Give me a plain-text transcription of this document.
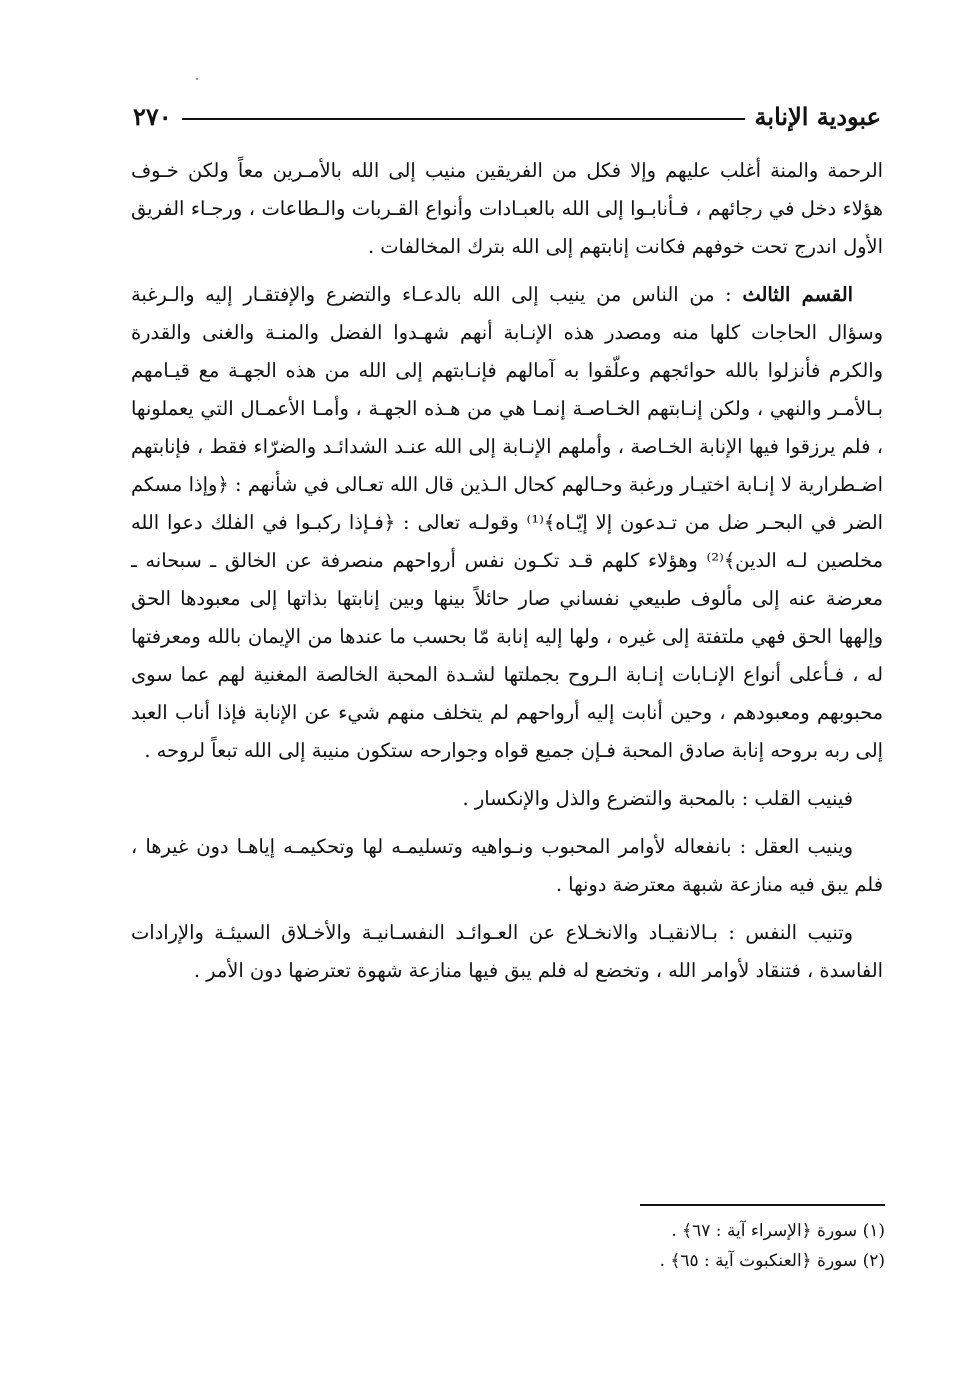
عبودية الإنابة
٢٧٠

الرحمة والمنة أغلب عليهم وإلا فكل من الفريقين منيب إلى الله بالأمـرين معاً ولكن خـوف هؤلاء دخل في رجائهم ، فـأنابـوا إلى الله بالعبـادات وأنواع القـربات والـطاعات ، ورجـاء الفريق الأول اندرج تحت خوفهم فكانت إنابتهم إلى الله بترك المخالفات .

القسم الثالث : من الناس من ينيب إلى الله بالدعـاء والتضرع والإفتقـار إليه والـرغبة وسؤال الحاجات كلها منه ومصدر هذه الإنـابة أنهم شهـدوا الفضل والمنـة والغنى والقدرة والكرم فأنزلوا بالله حوائجهم وعلّقوا به آمالهم فإنـابتهم إلى الله من هذه الجهـة مع قيـامهم بـالأمـر والنهي ، ولكن إنـابتهم الخـاصـة إنمـا هي من هـذه الجهـة ، وأمـا الأعمـال التي يعملونها ، فلم يرزقوا فيها الإنابة الخـاصة ، وأملهم الإنـابة إلى الله عنـد الشدائـد والضرّاء فقط ، فإنابتهم اضـطرارية لا إنـابة اختيـار ورغبة وحـالهم كحال الـذين قال الله تعـالى في شأنهم : ﴿وإذا مسكم الضر في البحـر ضل من تـدعون إلا إيّـاه﴾⁽¹⁾ وقولـه تعالى : ﴿فـإذا ركبـوا في الفلك دعوا الله مخلصين لـه الدين﴾⁽²⁾ وهؤلاء كلهم قـد تكـون نفس أرواحهم منصرفة عن الخالق ـ سبحانه ـ معرضة عنه إلى مألوف طبيعي نفساني صار حائلاً بينها وبين إنابتها بذاتها إلى معبودها الحق وإلهها الحق فهي ملتفتة إلى غيره ، ولها إليه إنابة مّا بحسب ما عندها من الإيمان بالله ومعرفتها له ، فـأعلى أنواع الإنـابات إنـابة الـروح بجملتها لشـدة المحبة الخالصة المغنية لهم عما سوى محبوبهم ومعبودهم ، وحين أنابت إليه أرواحهم لم يتخلف منهم شيء عن الإنابة فإذا أناب العبد إلى ربه بروحه إنابة صادق المحبة فـإن جميع قواه وجوارحه ستكون منيبة إلى الله تبعاً لروحه .

فينيب القلب : بالمحبة والتضرع والذل والإنكسار .

وينيب العقل : بانفعاله لأوامر المحبوب ونـواهيه وتسليمـه لها وتحكيمـه إياهـا دون غيرها ، فلم يبق فيه منازعة شبهة معترضة دونها .

وتنيب النفس : بـالانقيـاد والانخـلاع عن العـوائـد النفسـانيـة والأخـلاق السيئـة والإرادات الفاسدة ، فتنقاد لأوامر الله ، وتخضع له فلم يبق فيها منازعة شهوة تعترضها دون الأمر .

(١) سورة ﴿الإسراء آية : ٦٧﴾ .

(٢) سورة ﴿العنكبوت آية : ٦٥﴾ .
